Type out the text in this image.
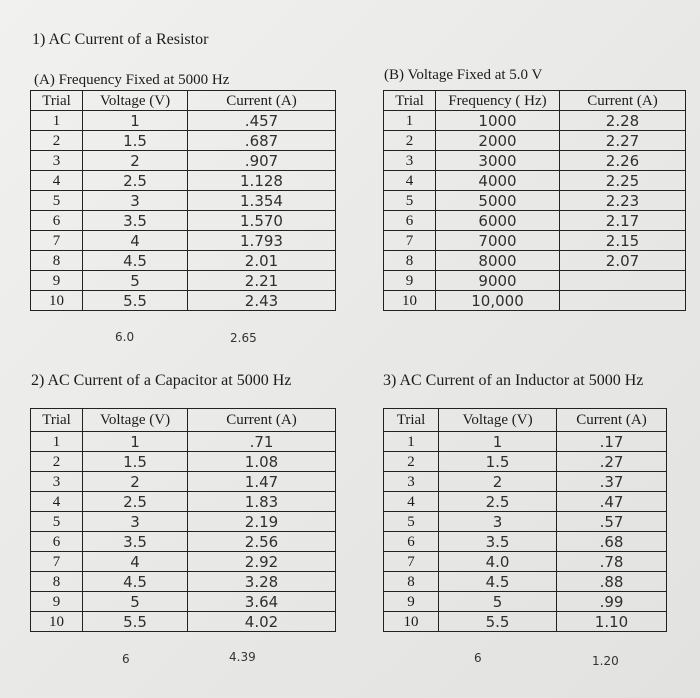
1) AC Current of a Resistor
(A) Frequency Fixed at 5000 Hz
Trial	Voltage (V)	Current (A)
1	1	.457
2	1.5	.687
3	2	.907
4	2.5	1.128
5	3	1.354
6	3.5	1.570
7	4	1.793
8	4.5	2.01
9	5	2.21
10	5.5	2.43
6.0	2.65
(B) Voltage Fixed at 5.0 V
Trial	Frequency ( Hz)	Current (A)
1	1000	2.28
2	2000	2.27
3	3000	2.26
4	4000	2.25
5	5000	2.23
6	6000	2.17
7	7000	2.15
8	8000	2.07
9	9000	
10	10,000	
2) AC Current of a Capacitor at 5000 Hz
Trial	Voltage (V)	Current (A)
1	1	.71
2	1.5	1.08
3	2	1.47
4	2.5	1.83
5	3	2.19
6	3.5	2.56
7	4	2.92
8	4.5	3.28
9	5	3.64
10	5.5	4.02
6	4.39
3) AC Current of an Inductor at 5000 Hz
Trial	Voltage (V)	Current (A)
1	1	.17
2	1.5	.27
3	2	.37
4	2.5	.47
5	3	.57
6	3.5	.68
7	4.0	.78
8	4.5	.88
9	5	.99
10	5.5	1.10
6	1.20
